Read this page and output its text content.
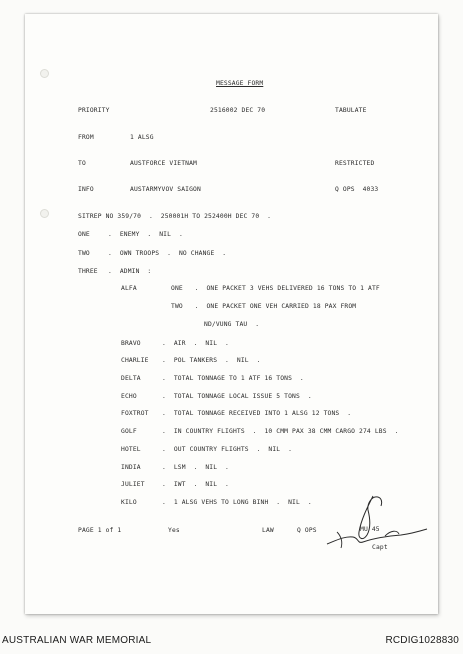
MESSAGE FORM
PRIORITY	2516002 DEC 70	TABULATE
FROM	1 ALSG
TO	AUSTFORCE VIETNAM	RESTRICTED
INFO	AUSTARMYVOV SAIGON	Q OPS  4033
SITREP NO 359/70  .  250001H TO 252400H DEC 70  .
ONE	.  ENEMY  .  NIL  .
TWO	.  OWN TROOPS  .  NO CHANGE  .
THREE .  ADMIN  :
ALFA	ONE   .  ONE PACKET 3 VEHS DELIVERED 16 TONS TO 1 ATF
TWO   .  ONE PACKET ONE VEH CARRIED 18 PAX FROM
ND/VUNG TAU  .
BRAVO	.  AIR  .  NIL  .
CHARLIE .  POL TANKERS  .  NIL  .
DELTA	.  TOTAL TONNAGE TO 1 ATF 16 TONS  .
ECHO	.  TOTAL TONNAGE LOCAL ISSUE 5 TONS  .
FOXTROT .  TOTAL TONNAGE RECEIVED INTO 1 ALSG 12 TONS  .
GOLF	.  IN COUNTRY FLIGHTS  .  10 CMM PAX 38 CMM CARGO 274 LBS  .
HOTEL	.  OUT COUNTRY FLIGHTS  .  NIL  .
INDIA	.  LSM  .  NIL  .
JULIET	.  IWT  .  NIL  .
KILO	.  1 ALSG VEHS TO LONG BINH  .  NIL  .
PAGE 1 of 1	Yes	LAW	Q OPS	MU 45
Capt
AUSTRALIAN WAR MEMORIAL	RCDIG1028830
